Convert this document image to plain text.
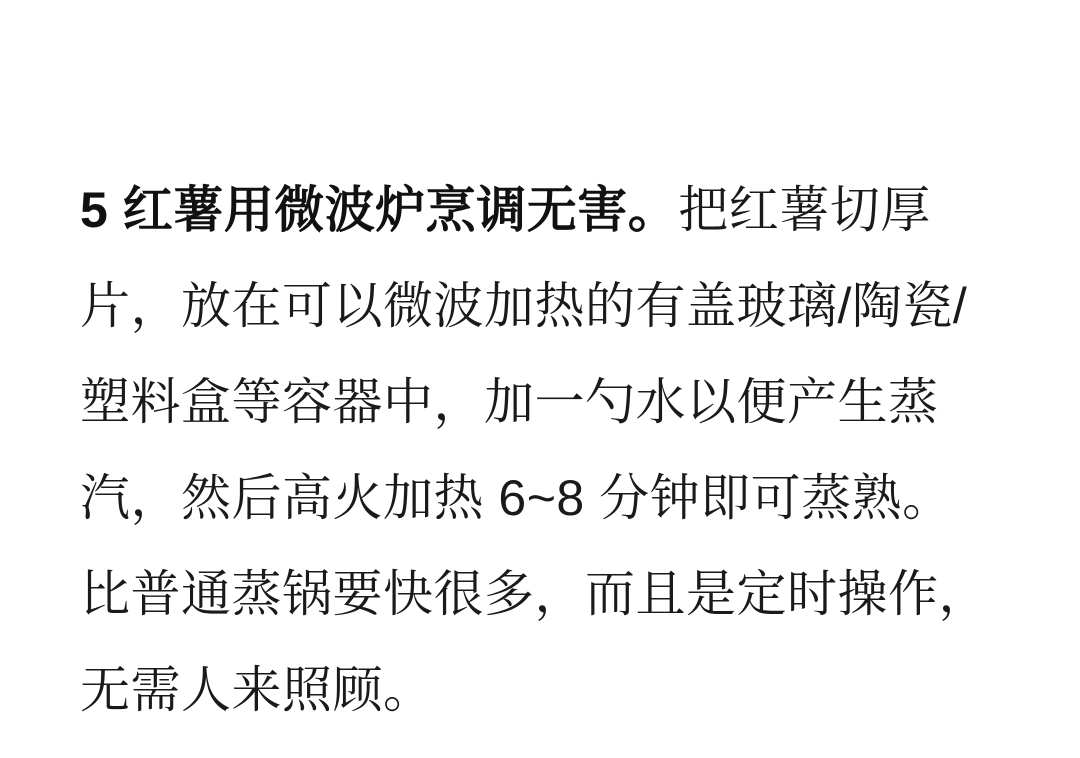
5 红薯用微波炉烹调无害。把红薯切厚片，放在可以微波加热的有盖玻璃/陶瓷/塑料盒等容器中，加一勺水以便产生蒸汽，然后高火加热 6~8 分钟即可蒸熟。比普通蒸锅要快很多，而且是定时操作，无需人来照顾。
